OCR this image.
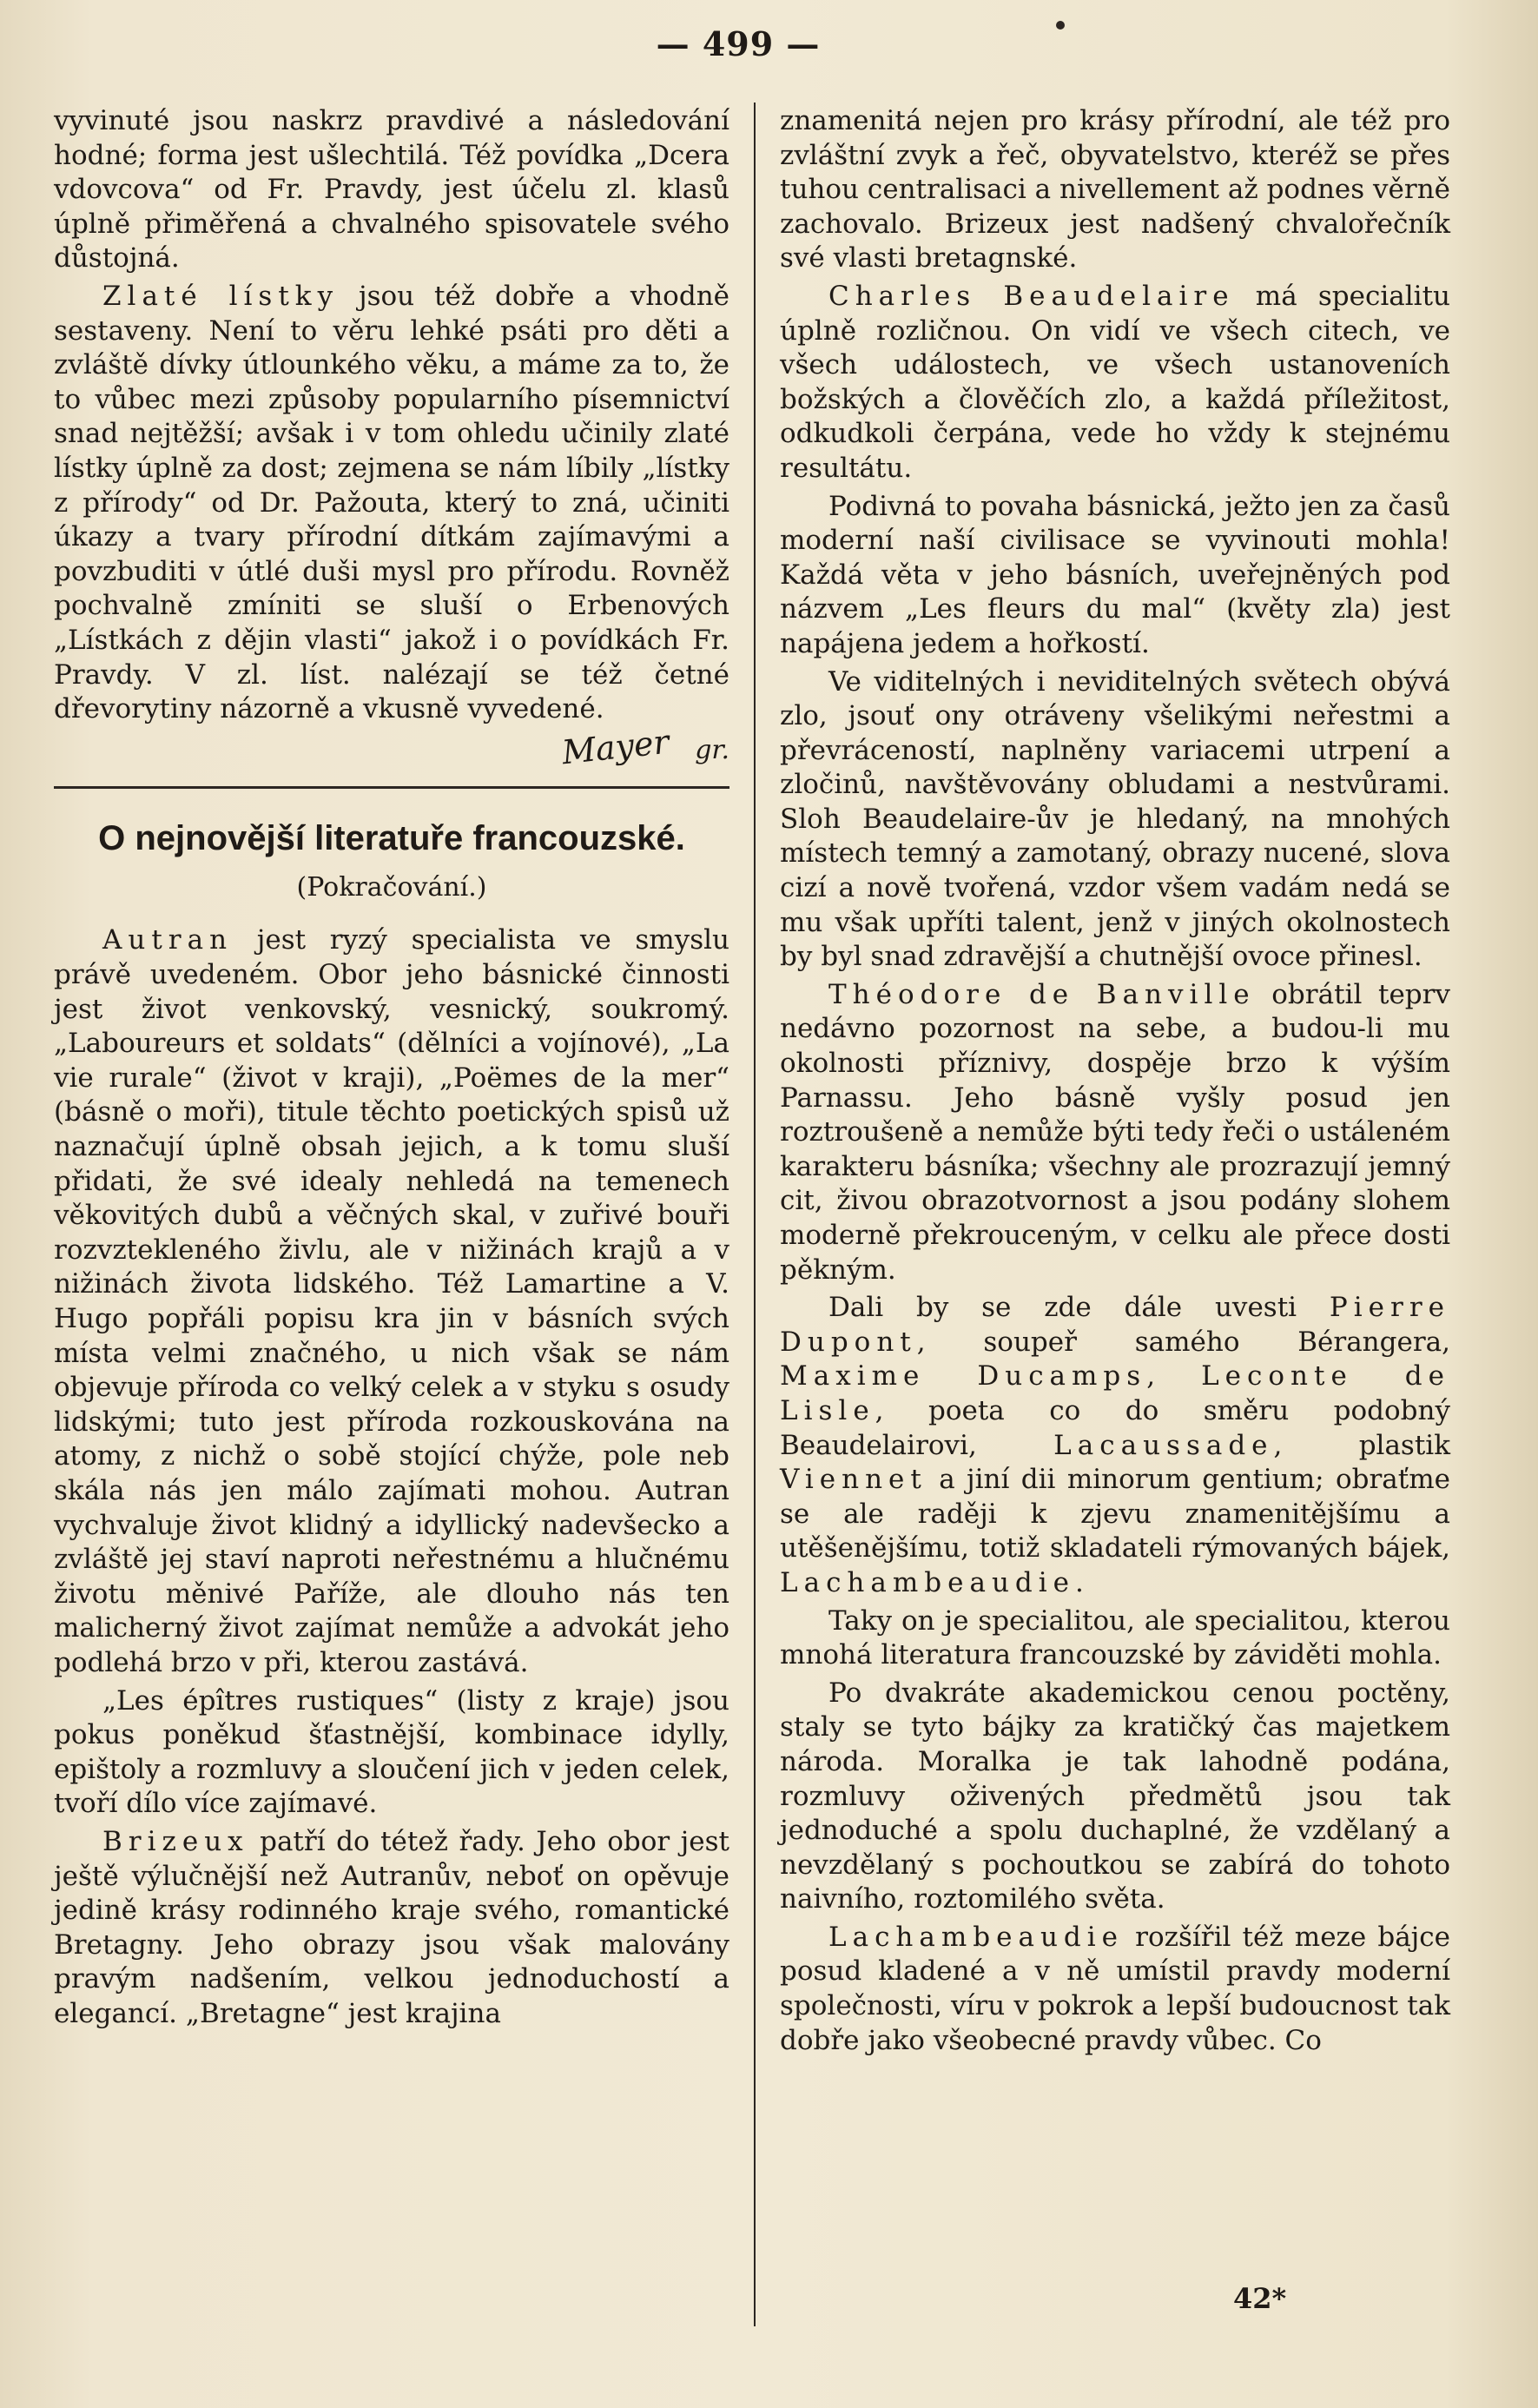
— 499 —

vyvinuté jsou naskrz pravdivé a následování hodné; forma jest ušlechtilá. Též povídka „Dcera vdovcova“ od Fr. Pravdy, jest účelu zl. klasů úplně přiměřená a chvalného spisovatele svého důstojná.

Zlaté lístky jsou též dobře a vhodně sestaveny. Není to věru lehké psáti pro děti a zvláště dívky útlounkého věku, a máme za to, že to vůbec mezi způsoby popularního písemnictví snad nejtěžší; avšak i v tom ohledu učinily zlaté lístky úplně za dost; zejmena se nám líbily „lístky z přírody“ od Dr. Pažouta, který to zná, učiniti úkazy a tvary přírodní dítkám zajímavými a povzbuditi v útlé duši mysl pro přírodu. Rovněž pochvalně zmíniti se sluší o Erbenových „Lístkách z dějin vlasti“ jakož i o povídkách Fr. Pravdy. V zl. líst. nalézají se též četné dřevorytiny názorně a vkusně vyvedené.

Mayer gr.
O nejnovější literatuře francouzské.
(Pokračování.)

Autran jest ryzý specialista ve smyslu právě uvedeném. Obor jeho básnické činnosti jest život venkovský, vesnický, soukromý. „Laboureurs et soldats“ (dělníci a vojínové), „La vie rurale“ (život v kraji), „Poëmes de la mer“ (básně o moři), titule těchto poetických spisů už naznačují úplně obsah jejich, a k tomu sluší přidati, že své idealy nehledá na temenech věkovitých dubů a věčných skal, v zuřivé bouři rozvztekleného živlu, ale v nižinách krajů a v nižinách života lidského. Též Lamartine a V. Hugo popřáli popisu kra jin v básních svých místa velmi značného, u nich však se nám objevuje příroda co velký celek a v styku s osudy lidskými; tuto jest příroda rozkouskována na atomy, z nichž o sobě stojící chýže, pole neb skála nás jen málo zajímati mohou. Autran vychvaluje život klidný a idyllický nadevšecko a zvláště jej staví naproti neřestnému a hlučnému životu měnivé Paříže, ale dlouho nás ten malicherný život zajímat nemůže a advokát jeho podlehá brzo v při, kterou zastává.

„Les épîtres rustiques“ (listy z kraje) jsou pokus poněkud šťastnější, kombinace idylly, epištoly a rozmluvy a sloučení jich v jeden celek, tvoří dílo více zajímavé.

Brizeux patří do tétež řady. Jeho obor jest ještě výlučnější než Autranův, neboť on opěvuje jedině krásy rodinného kraje svého, romantické Bretagny. Jeho obrazy jsou však malovány pravým nadšením, velkou jednoduchostí a elegancí. „Bretagne“ jest krajina

znamenitá nejen pro krásy přírodní, ale též pro zvláštní zvyk a řeč, obyvatelstvo, kteréž se přes tuhou centralisaci a nivellement až podnes věrně zachovalo. Brizeux jest nadšený chvalořečník své vlasti bretagnské.

Charles Beaudelaire má specialitu úplně rozličnou. On vidí ve všech citech, ve všech událostech, ve všech ustanoveních božských a člověčích zlo, a každá příležitost, odkudkoli čerpána, vede ho vždy k stejnému resultátu.

Podivná to povaha básnická, ježto jen za časů moderní naší civilisace se vyvinouti mohla! Každá věta v jeho básních, uveřejněných pod názvem „Les fleurs du mal“ (květy zla) jest napájena jedem a hořkostí.

Ve viditelných i neviditelných světech obývá zlo, jsouť ony otráveny všelikými neřestmi a převráceností, naplněny variacemi utrpení a zločinů, navštěvovány obludami a nestvůrami. Sloh Beaudelaire-ův je hledaný, na mnohých místech temný a zamotaný, obrazy nucené, slova cizí a nově tvořená, vzdor všem vadám nedá se mu však upříti talent, jenž v jiných okolnostech by byl snad zdravější a chutnější ovoce přinesl.

Théodore de Banville obrátil teprv nedávno pozornost na sebe, a budou-li mu okolnosti příznivy, dospěje brzo k výším Parnassu. Jeho básně vyšly posud jen roztroušeně a nemůže býti tedy řeči o ustáleném karakteru básníka; všechny ale prozrazují jemný cit, živou obrazotvornost a jsou podány slohem moderně překrouceným, v celku ale přece dosti pěkným.

Dali by se zde dále uvesti Pierre Dupont, soupeř samého Bérangera, Maxime Ducamps, Leconte de Lisle, poeta co do směru podobný Beaudelairovi, Lacaussade, plastik Viennet a jiní dii minorum gentium; obraťme se ale raději k zjevu znamenitějšímu a utěšenějšímu, totiž skladateli rýmovaných bájek, Lachambeaudie.

Taky on je specialitou, ale specialitou, kterou mnohá literatura francouzské by záviděti mohla.

Po dvakráte akademickou cenou poctěny, staly se tyto bájky za kratičký čas majetkem národa. Moralka je tak lahodně podána, rozmluvy oživených předmětů jsou tak jednoduché a spolu duchaplné, že vzdělaný a nevzdělaný s pochoutkou se zabírá do tohoto naivního, roztomilého světa.

Lachambeaudie rozšířil též meze bájce posud kladené a v ně umístil pravdy moderní společnosti, víru v pokrok a lepší budoucnost tak dobře jako všeobecné pravdy vůbec. Co

42*
